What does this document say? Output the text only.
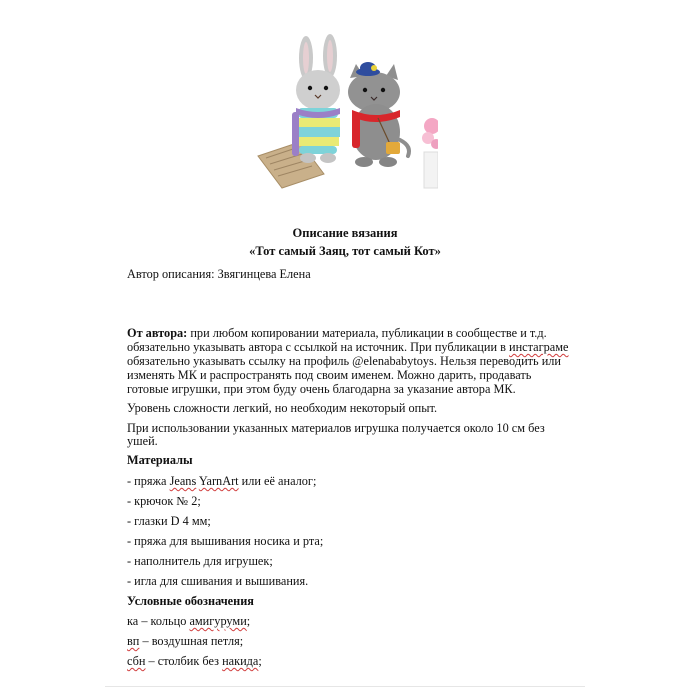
Описание вязания
«Тот самый Заяц, тот самый Кот»
Автор описания: Звягинцева Елена
От автора: при любом копировании материала, публикации в сообществе и т.д.
обязательно указывать автора с ссылкой на источник. При публикации в инстаграме
обязательно указывать ссылку на профиль @elenababytoys. Нельзя переводить или
изменять МК и распространять под своим именем. Можно дарить, продавать
готовые игрушки, при этом буду очень благодарна за указание автора МК.
Уровень сложности легкий, но необходим некоторый опыт.
При использовании указанных материалов игрушка получается около 10 см без
ушей.
Материалы
- пряжа Jeans YarnArt или её аналог;
- крючок № 2;
- глазки D 4 мм;
- пряжа для вышивания носика и рта;
- наполнитель для игрушек;
- игла для сшивания и вышивания.
Условные обозначения
ка – кольцо амигуруми;
вп – воздушная петля;
сбн – столбик без накида;
